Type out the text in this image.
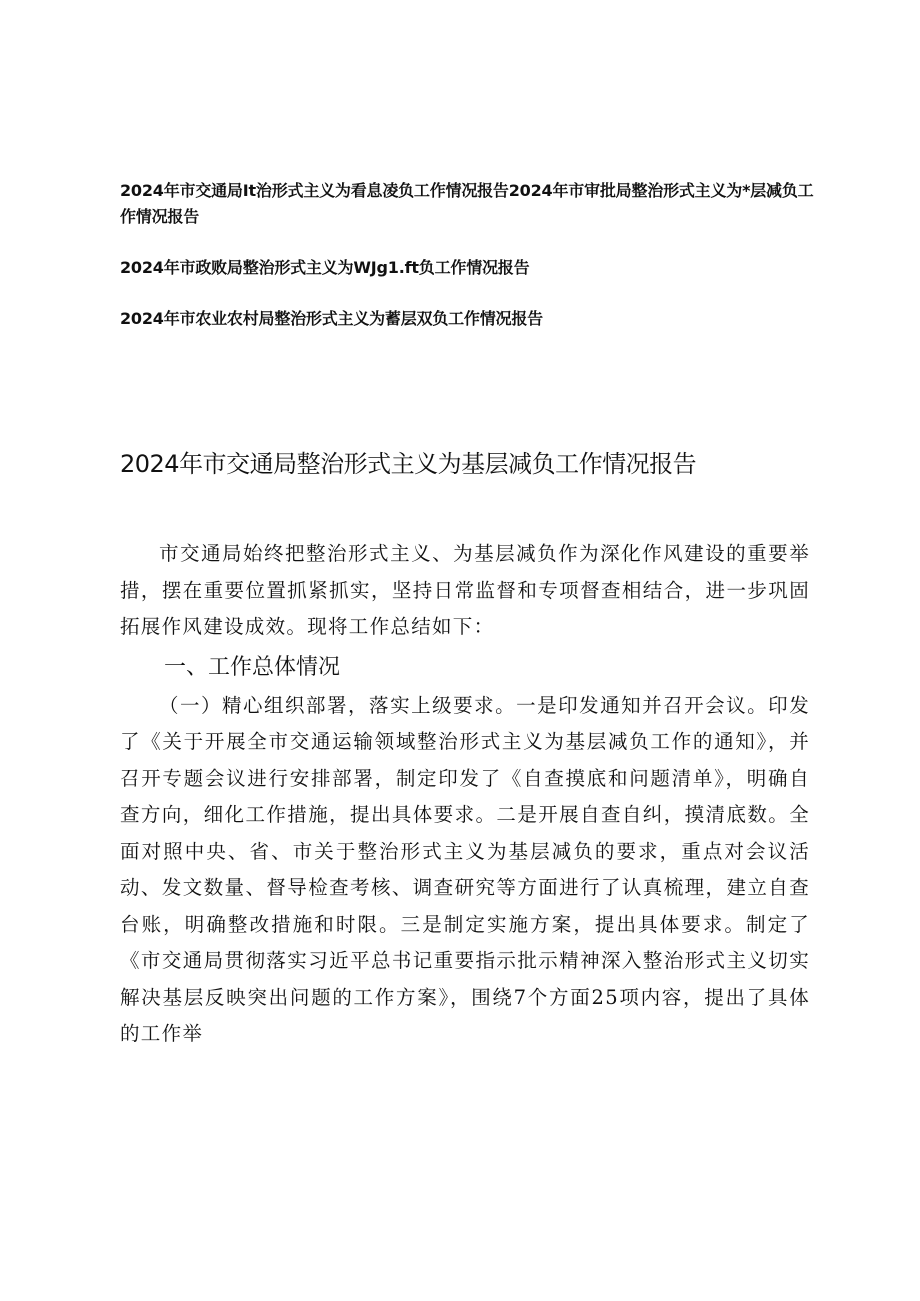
2024年市交通局It治形式主义为看息凌负工作情况报告2024年市审批局整治形式主义为*层减负工作情况报告
2024年市政败局整治形式主义为WJg1.ft负工作情况报告
2024年市农业农村局整治形式主义为蓄层双负工作情况报告
2024年市交通局整治形式主义为基层减负工作情况报告

市交通局始终把整治形式主义、为基层减负作为深化作风建设的重要举措，摆在重要位置抓紧抓实，坚持日常监督和专项督查相结合，进一步巩固拓展作风建设成效。现将工作总结如下：

一、工作总体情况

（一）精心组织部署，落实上级要求。一是印发通知并召开会议。印发了《关于开展全市交通运输领域整治形式主义为基层减负工作的通知》，并召开专题会议进行安排部署，制定印发了《自查摸底和问题清单》，明确自查方向，细化工作措施，提出具体要求。二是开展自查自纠，摸清底数。全面对照中央、省、市关于整治形式主义为基层减负的要求，重点对会议活动、发文数量、督导检查考核、调查研究等方面进行了认真梳理，建立自查台账，明确整改措施和时限。三是制定实施方案，提出具体要求。制定了《市交通局贯彻落实习近平总书记重要指示批示精神深入整治形式主义切实解决基层反映突出问题的工作方案》，围绕7个方面25项内容，提出了具体的工作举
